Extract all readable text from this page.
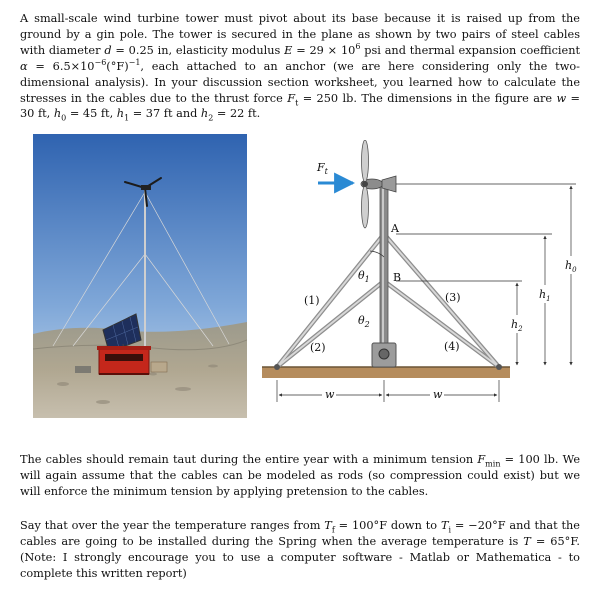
A small-scale wind turbine tower must pivot about its base because it is raised up from the ground by a gin pole. The tower is secured in the plane as shown by two pairs of steel cables with diameter d = 0.25 in, elasticity modulus $E = 29 \times 10^6$ psi and thermal expansion coefficient $\alpha = 6.5\times 10^{-6}(^\circ F)^{-1}$, each attached to an anchor (we are here considering only the two-dimensional analysis). In your discussion section worksheet, you learned how to calculate the stresses in the cables due to the thrust force $F_t = 250$ lb. The dimensions in the figure are w = 30 ft, $h_0 = 45$ ft, $h_1 = 37$ ft and $h_2 = 22$ ft.

$F_t$
A
B
$\theta_1$
$\theta_2$
(1)
(2)
(3)
(4)
w	w
$h_0$
$h_1$
$h_2$

The cables should remain taut during the entire year with a minimum tension $F_{min} = 100$ lb. We will again assume that the cables can be modeled as rods (so compression could exist) but we will enforce the minimum tension by applying pretension to the cables.

Say that over the year the temperature ranges from $T_f = 100^\circ F$ down to $T_i = -20^\circ F$ and that the cables are going to be installed during the Spring when the average temperature is T = 65°F. (Note: I strongly encourage you to use a computer software - Matlab or Mathematica - to complete this written report)
